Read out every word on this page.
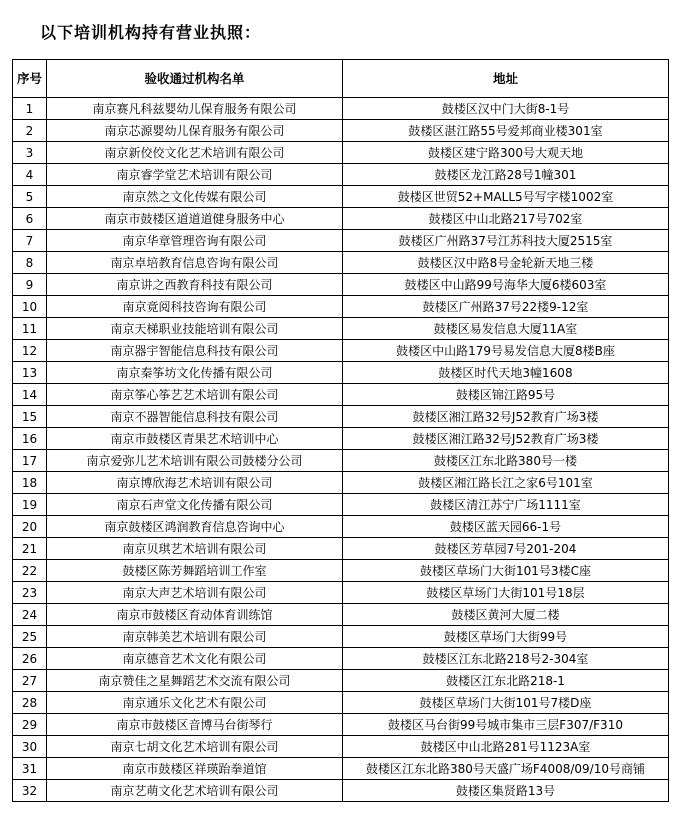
以下培训机构持有营业执照：
序号	验收通过机构名单	地址
1	南京赛凡科兹婴幼儿保育服务有限公司	鼓楼区汉中门大街8-1号
2	南京芯源婴幼儿保育服务有限公司	鼓楼区湛江路55号爱邦商业楼301室
3	南京新佼佼文化艺术培训有限公司	鼓楼区建宁路300号大观天地
4	南京睿学堂艺术培训有限公司	鼓楼区龙江路28号1幢301
5	南京然之文化传媒有限公司	鼓楼区世贸52+MALL5号写字楼1002室
6	南京市鼓楼区道道道健身服务中心	鼓楼区中山北路217号702室
7	南京华章管理咨询有限公司	鼓楼区广州路37号江苏科技大厦2515室
8	南京卓培教育信息咨询有限公司	鼓楼区汉中路8号金轮新天地三楼
9	南京讲之西教育科技有限公司	鼓楼区中山路99号海华大厦6楼603室
10	南京竟阅科技咨询有限公司	鼓楼区广州路37号22楼9-12室
11	南京天梯职业技能培训有限公司	鼓楼区易发信息大厦11A室
12	南京器宇智能信息科技有限公司	鼓楼区中山路179号易发信息大厦8楼B座
13	南京秦筝坊文化传播有限公司	鼓楼区时代天地3幢1608
14	南京筝心筝艺艺术培训有限公司	鼓楼区锦江路95号
15	南京不器智能信息科技有限公司	鼓楼区湘江路32号J52教育广场3楼
16	南京市鼓楼区青果艺术培训中心	鼓楼区湘江路32号J52教育广场3楼
17	南京爱弥儿艺术培训有限公司鼓楼分公司	鼓楼区江东北路380号一楼
18	南京博欣海艺术培训有限公司	鼓楼区湘江路长江之家6号101室
19	南京石声堂文化传播有限公司	鼓楼区清江苏宁广场1111室
20	南京鼓楼区鸿润教育信息咨询中心	鼓楼区蓝天园66-1号
21	南京贝琪艺术培训有限公司	鼓楼区芳草园7号201-204
22	鼓楼区陈芳舞蹈培训工作室	鼓楼区草场门大街101号3楼C座
23	南京大声艺术培训有限公司	鼓楼区草场门大街101号18层
24	南京市鼓楼区育动体育训练馆	鼓楼区黄河大厦二楼
25	南京韩美艺术培训有限公司	鼓楼区草场门大街99号
26	南京德音艺术文化有限公司	鼓楼区江东北路218号2-304室
27	南京赞佳之星舞蹈艺术交流有限公司	鼓楼区江东北路218-1
28	南京通乐文化艺术有限公司	鼓楼区草场门大街101号7楼D座
29	南京市鼓楼区音博马台街琴行	鼓楼区马台街99号城市集市三层F307/F310
30	南京七胡文化艺术培训有限公司	鼓楼区中山北路281号1123A室
31	南京市鼓楼区祥瑛跆拳道馆	鼓楼区江东北路380号天盛广场F4008/09/10号商铺
32	南京艺萌文化艺术培训有限公司	鼓楼区集贤路13号
